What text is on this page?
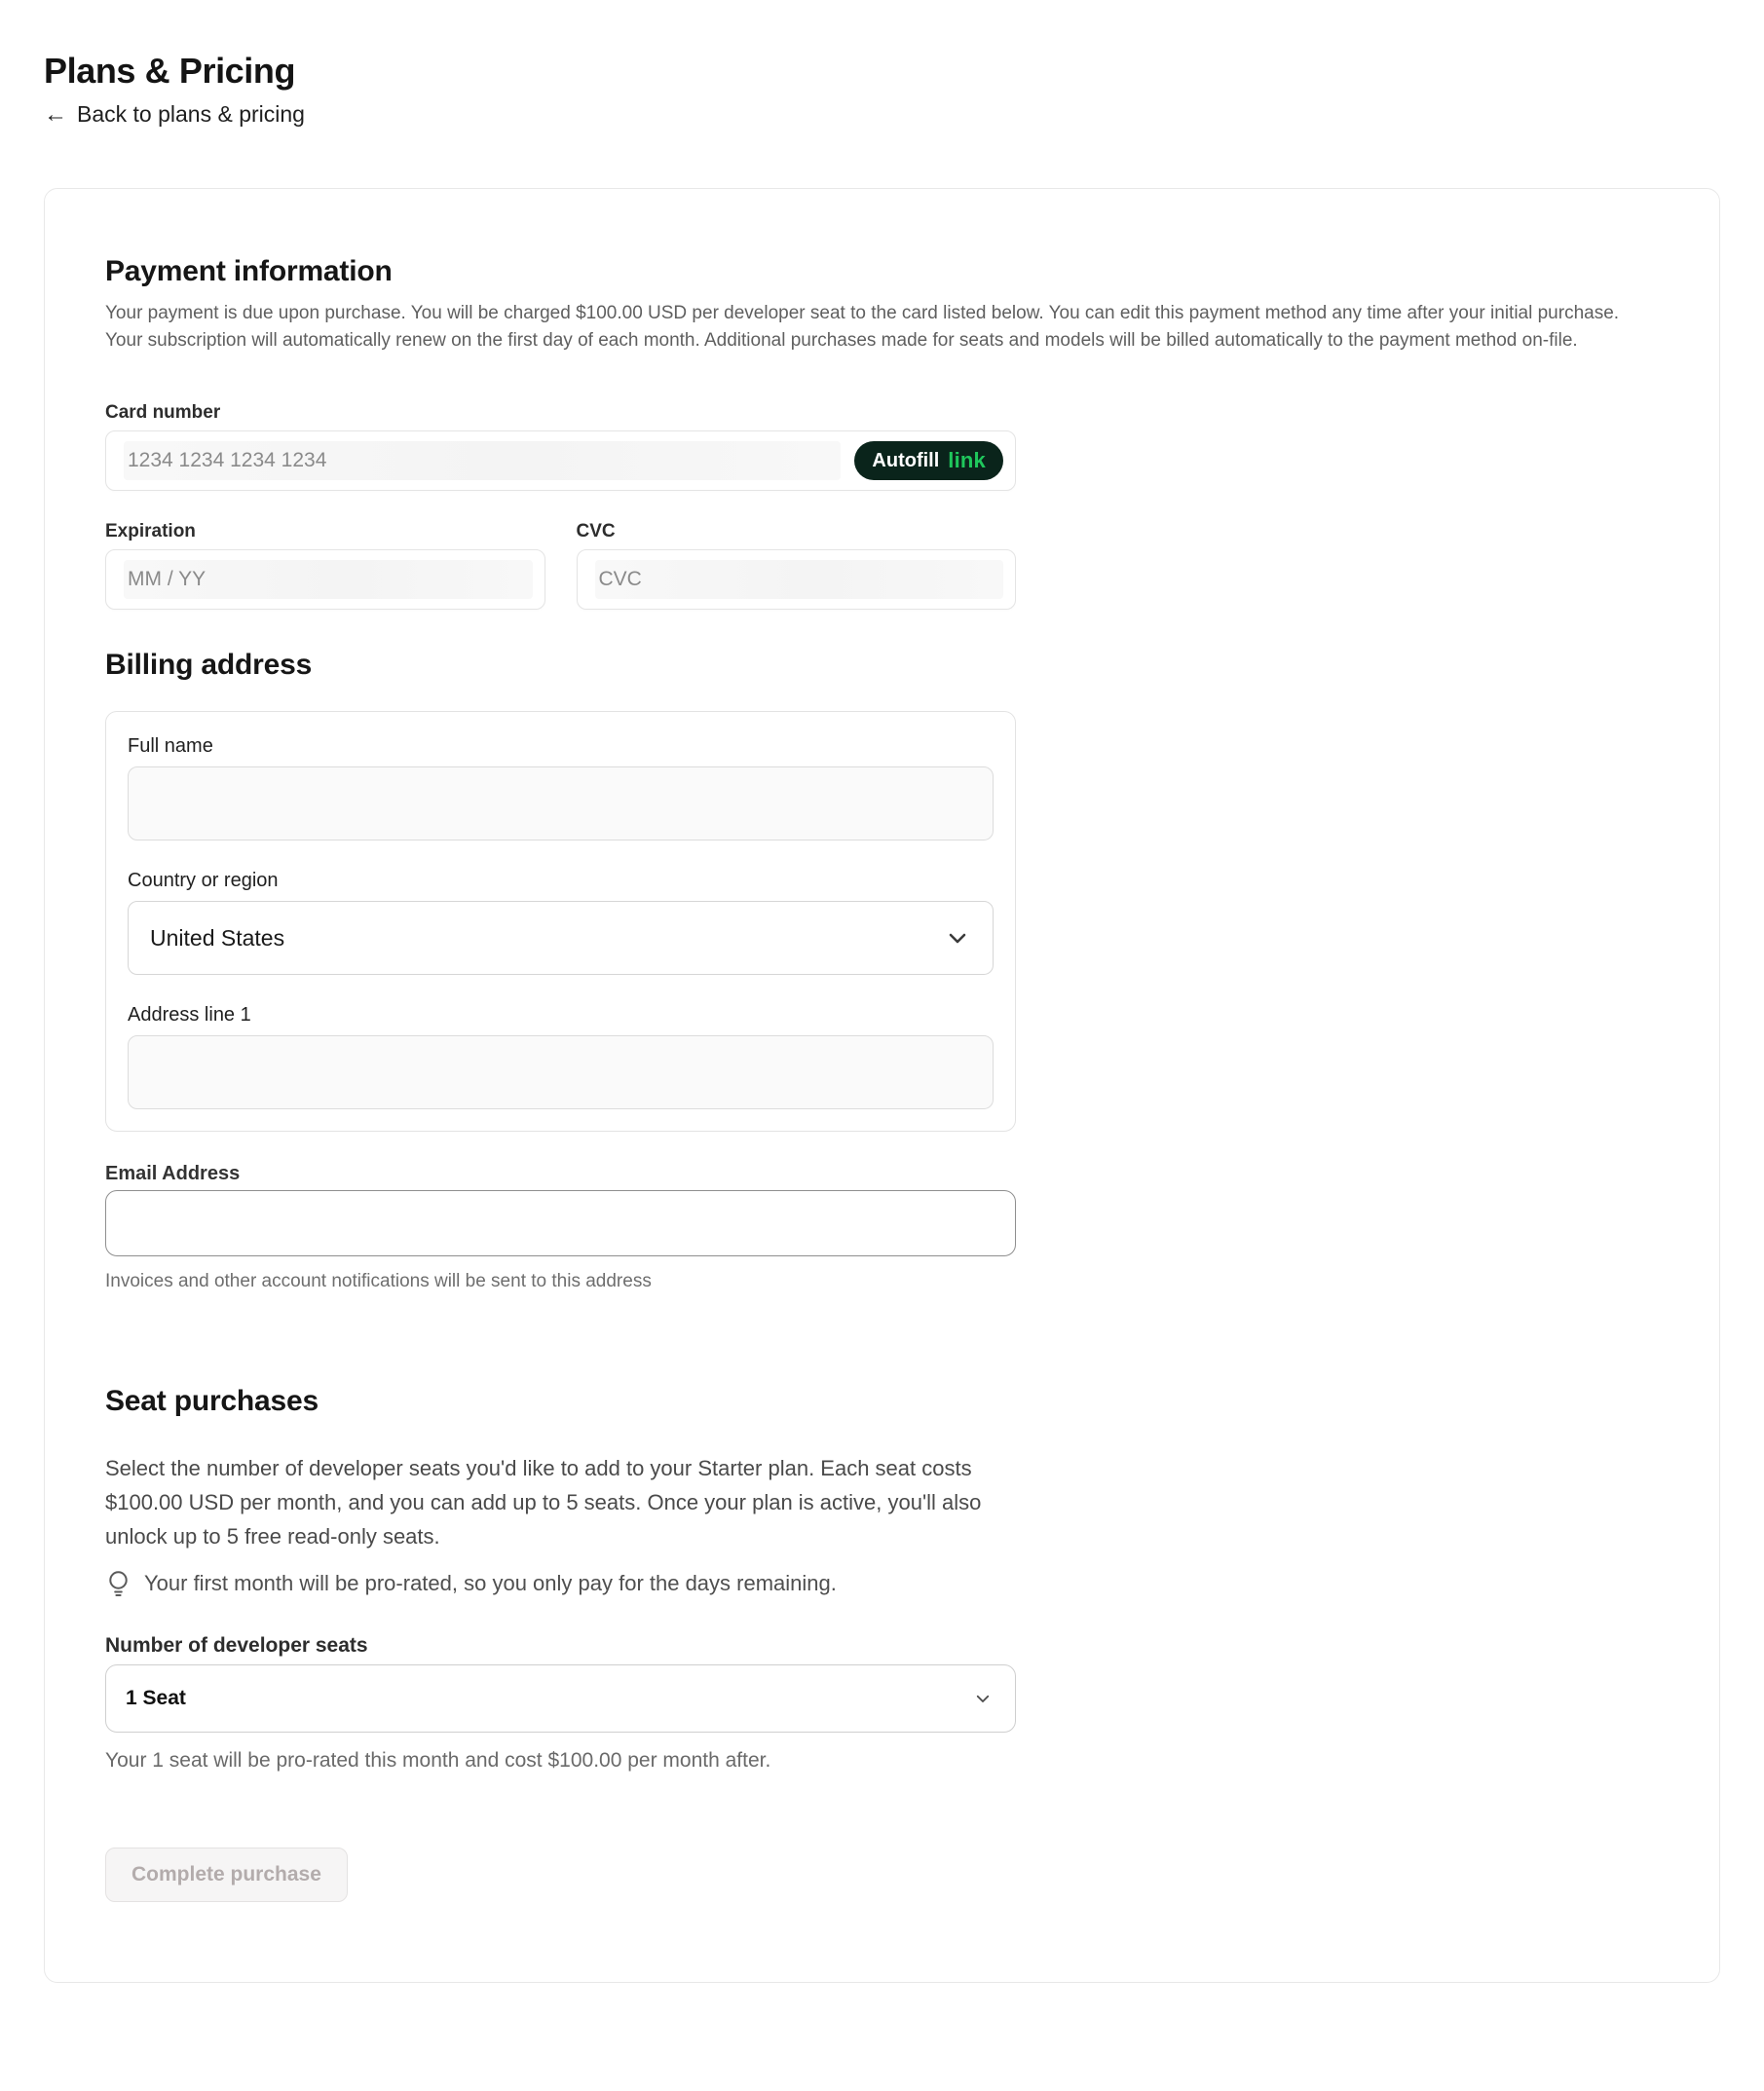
Plans & Pricing
← Back to plans & pricing
Payment information

Your payment is due upon purchase. You will be charged $100.00 USD per developer seat to the card listed below. You can edit this payment method any time after your initial purchase. Your subscription will automatically renew on the first day of each month. Additional purchases made for seats and models will be billed automatically to the payment method on-file.

Card number
1234 1234 1234 1234
Autofill link
Expiration
MM / YY	CVC
CVC
Billing address
Full name
Country or region
United States
Address line 1
Email Address
Invoices and other account notifications will be sent to this address
Seat purchases

Select the number of developer seats you'd like to add to your Starter plan. Each seat costs $100.00 USD per month, and you can add up to 5 seats. Once your plan is active, you'll also unlock up to 5 free read-only seats.

Your first month will be pro-rated, so you only pay for the days remaining.
Number of developer seats
1 Seat
Your 1 seat will be pro-rated this month and cost $100.00 per month after.
Complete purchase
